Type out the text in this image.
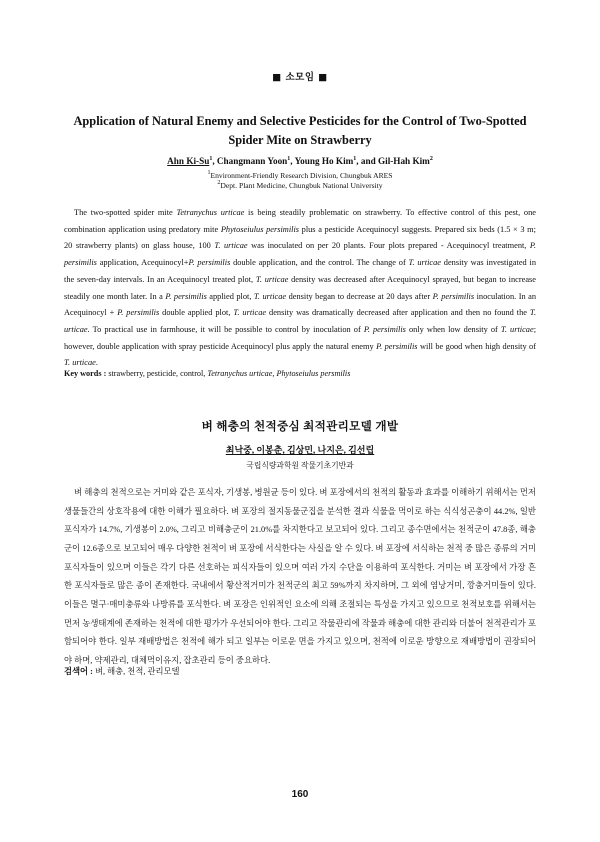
■ 소모임 ■
Application of Natural Enemy and Selective Pesticides for the Control of Two-Spotted Spider Mite on Strawberry
Ahn Ki-Su$^1$, Changmann Yoon$^1$, Young Ho Kim$^1$, and Gil-Hah Kim$^2$
$^1$Environment-Friendly Research Division, Chungbuk ARES
$^2$Dept. Plant Medicine, Chungbuk National University

The two-spotted spider mite Tetranychus urticae is being steadily problematic on strawberry. To effective control of this pest, one combination application using predatory mite Phytoseiulus persimilis plus a pesticide Acequinocyl suggests. Prepared six beds (1.5 × 3 m; 20 strawberry plants) on glass house, 100 T. urticae was inoculated on per 20 plants. Four plots prepared - Acequinocyl treatment, P. persimilis application, Acequinocyl+P. persimilis double application, and the control. The change of T. urticae density was investigated in the seven-day intervals. In an Acequinocyl treated plot, T. urticae density was decreased after Acequinocyl sprayed, but began to increase steadily one month later. In a P. persimilis applied plot, T. urticae density began to decrease at 20 days after P. persimilis inoculation. In an Acequinocyl + P. persimilis double applied plot, T. urticae density was dramatically decreased after application and then no found the T. urticae. To practical use in farmhouse, it will be possible to control by inoculation of P. persimilis only when low density of T. urticae; however, double application with spray pesticide Acequinocyl plus apply the natural enemy P. persimilis will be good when high density of T. urticae.

Key words : strawberry, pesticide, control, Tetranychus urticae, Phytoseiulus persmilis
벼 해충의 천적중심 최적관리모델 개발
최낙중, 이봉춘, 김상민, 나지은, 김선립
국립식량과학원 작물기초기반과

벼 해충의 천적으로는 거미와 같은 포식자, 기생봉, 병원균 등이 있다. 벼 포장에서의 천적의 활동과 효과를 이해하기 위해서는 먼저 생물들간의 상호작용에 대한 이해가 필요하다. 벼 포장의 절지동물군집을 분석한 결과 식물을 먹이로 하는 식식성곤충이 44.2%, 일반포식자가 14.7%, 기생봉이 2.0%, 그리고 비해충군이 21.0%를 차지한다고 보고되어 있다. 그리고 종수면에서는 천적군이 47.8종, 해충군이 12.6종으로 보고되어 매우 다양한 천적이 벼 포장에 서식한다는 사실을 알 수 있다. 벼 포장에 서식하는 천적 중 많은 종류의 거미 포식자들이 있으며 이들은 각기 다른 선호하는 피식자들이 있으며 여러 가지 수단을 이용하여 포식한다. 거미는 벼 포장에서 가장 흔한 포식자들로 많은 종이 존재한다. 국내에서 황산적거미가 천적군의 최고 59%까지 차지하며, 그 외에 염낭거미, 깡충거미들이 있다. 이들은 멸구·매미충류와 나방류를 포식한다. 벼 포장은 인위적인 요소에 의해 조절되는 특성을 가지고 있으므로 천적보호를 위해서는 먼저 농생태계에 존재하는 천적에 대한 평가가 우선되어야 한다. 그리고 작물관리에 작물과 해충에 대한 관리와 더불어 천적관리가 포함되어야 한다. 일부 재배방법은 천적에 해가 되고 일부는 이로운 면을 가지고 있으며, 천적에 이로운 방향으로 재배방법이 권장되어야 하며, 약제관리, 대체먹이유지, 잡초관리 등이 중요하다.

검색어 : 벼, 해충, 천적, 관리모델
160
